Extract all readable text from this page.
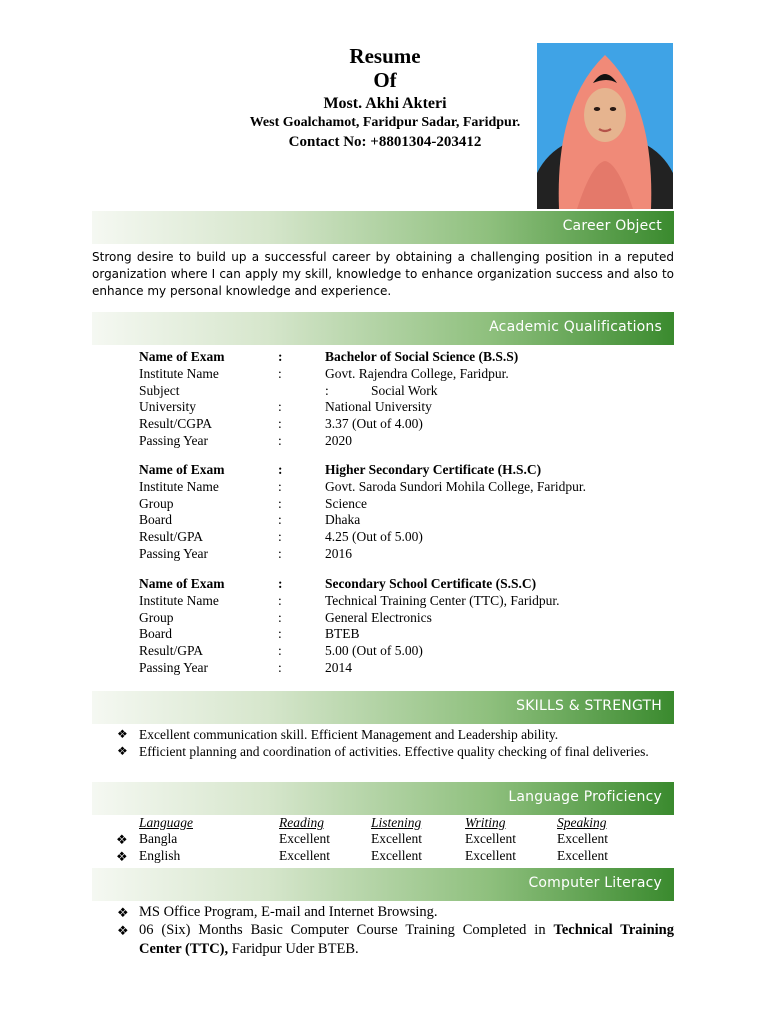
Resume
Of
Most. Akhi Akteri
West Goalchamot, Faridpur Sadar, Faridpur.
Contact No: +8801304-203412
Career Object
Strong desire to build up a successful career by obtaining a challenging position in a reputed organization where I can apply my skill, knowledge to enhance organization success and also to enhance my personal knowledge and experience.
Academic Qualifications
Name of Exam	:	Bachelor of Social Science (B.S.S)
Institute Name	:	Govt. Rajendra College, Faridpur.
Subject	:	Social Work
University	:	National University
Result/CGPA	:	3.37 (Out of 4.00)
Passing Year	:	2020
Name of Exam	:	Higher Secondary Certificate (H.S.C)
Institute Name	:	Govt. Saroda Sundori Mohila College, Faridpur.
Group	:	Science
Board	:	Dhaka
Result/GPA	:	4.25 (Out of 5.00)
Passing Year	:	2016
Name of Exam	:	Secondary School Certificate (S.S.C)
Institute Name	:	Technical Training Center (TTC), Faridpur.
Group	:	General Electronics
Board	:	BTEB
Result/GPA	:	5.00 (Out of 5.00)
Passing Year	:	2014
SKILLS & STRENGTH
❖ Excellent communication skill. Efficient Management and Leadership ability.
❖ Efficient planning and coordination of activities. Effective quality checking of final deliveries.
Language Proficiency
Language	Reading	Listening	Writing	Speaking
❖ Bangla	Excellent	Excellent	Excellent	Excellent
❖ English	Excellent	Excellent	Excellent	Excellent
Computer Literacy
❖ MS Office Program, E-mail and Internet Browsing.
❖ 06 (Six) Months Basic Computer Course Training Completed in Technical Training Center (TTC), Faridpur Uder BTEB.
